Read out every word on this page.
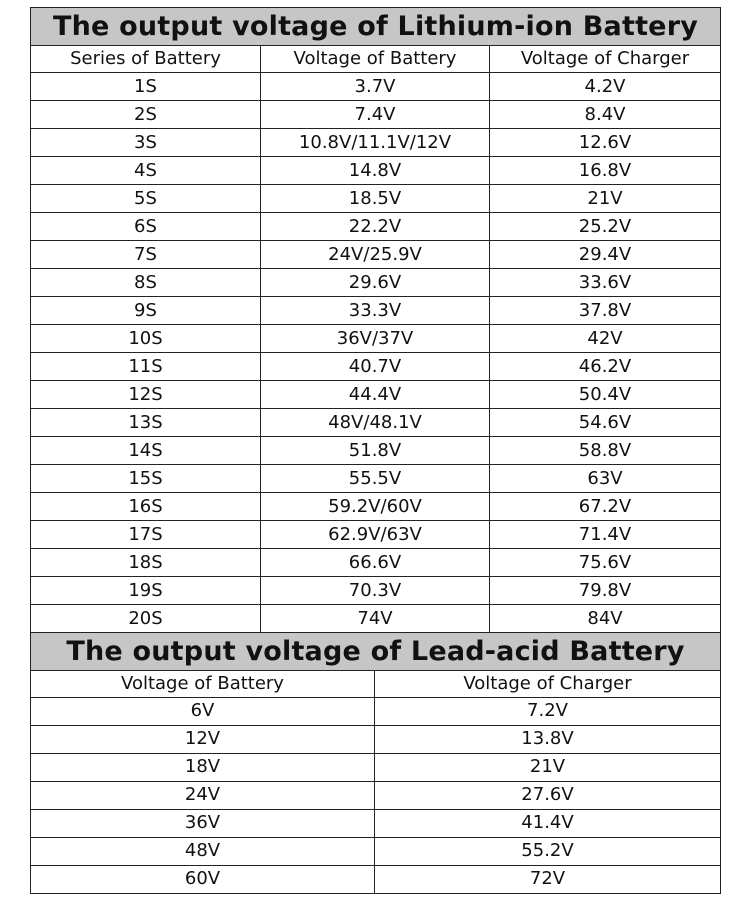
The output voltage of Lithium-ion Battery		
Series of Battery	Voltage of Battery	Voltage of Charger
1S	3.7V	4.2V
2S	7.4V	8.4V
3S	10.8V/11.1V/12V	12.6V
4S	14.8V	16.8V
5S	18.5V	21V
6S	22.2V	25.2V
7S	24V/25.9V	29.4V
8S	29.6V	33.6V
9S	33.3V	37.8V
10S	36V/37V	42V
11S	40.7V	46.2V
12S	44.4V	50.4V
13S	48V/48.1V	54.6V
14S	51.8V	58.8V
15S	55.5V	63V
16S	59.2V/60V	67.2V
17S	62.9V/63V	71.4V
18S	66.6V	75.6V
19S	70.3V	79.8V
20S	74V	84V
The output voltage of Lead-acid Battery	
Voltage of Battery	Voltage of Charger
6V	7.2V
12V	13.8V
18V	21V
24V	27.6V
36V	41.4V
48V	55.2V
60V	72V
